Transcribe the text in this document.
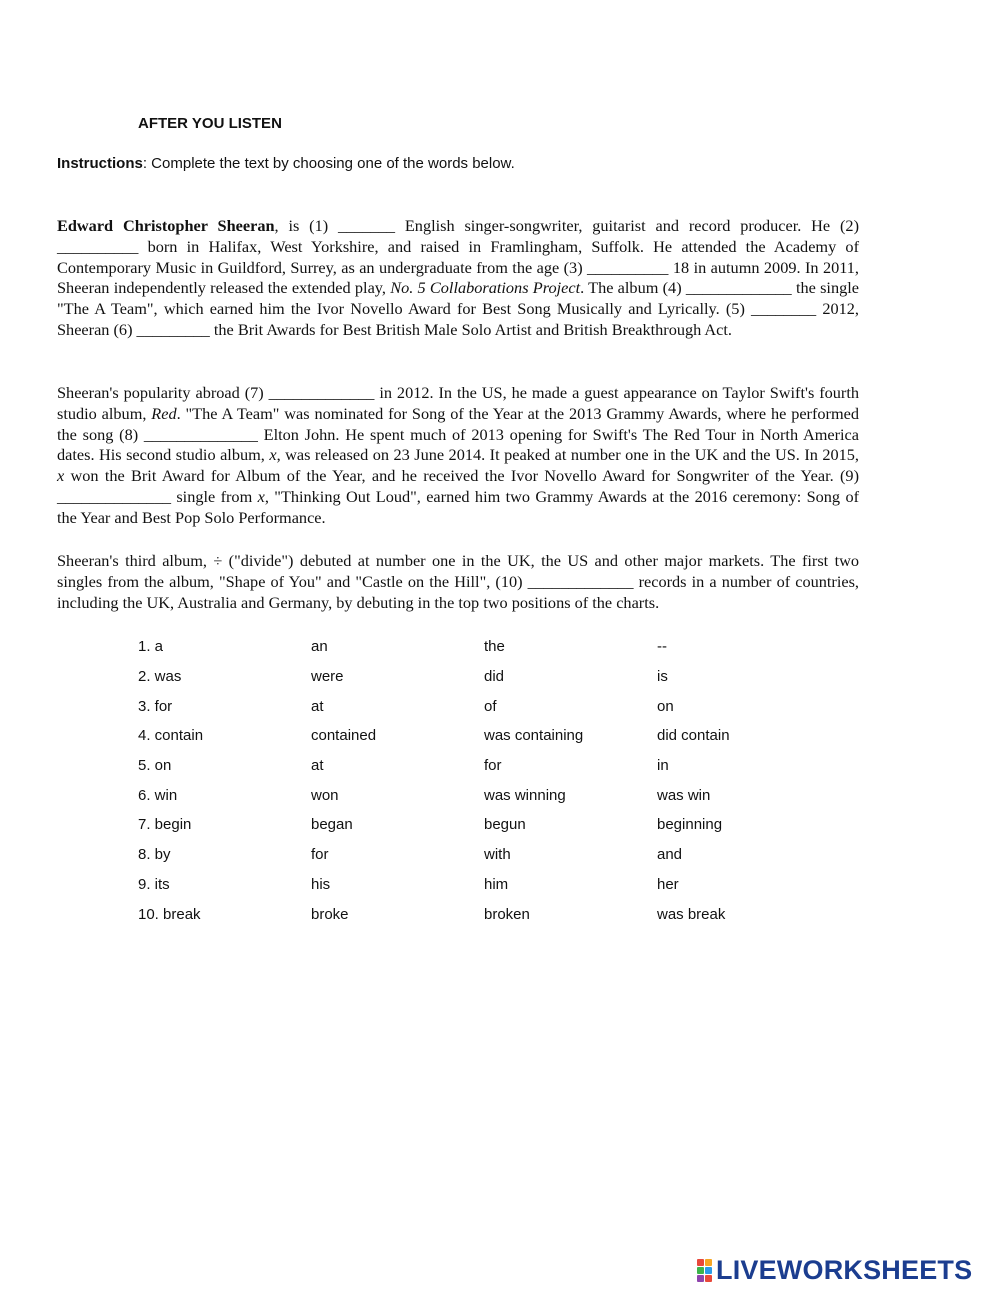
AFTER YOU LISTEN
Instructions: Complete the text by choosing one of the words below.

Edward Christopher Sheeran, is (1) _______ English singer-songwriter, guitarist and record producer. He (2) __________ born in Halifax, West Yorkshire, and raised in Framlingham, Suffolk. He attended the Academy of Contemporary Music in Guildford, Surrey, as an undergraduate from the age (3) __________ 18 in autumn 2009. In 2011, Sheeran independently released the extended play, No. 5 Collaborations Project. The album (4) _____________ the single "The A Team", which earned him the Ivor Novello Award for Best Song Musically and Lyrically. (5) ________ 2012, Sheeran (6) _________ the Brit Awards for Best British Male Solo Artist and British Breakthrough Act.

Sheeran's popularity abroad (7) _____________ in 2012. In the US, he made a guest appearance on Taylor Swift's fourth studio album, Red. "The A Team" was nominated for Song of the Year at the 2013 Grammy Awards, where he performed the song (8) ______________ Elton John. He spent much of 2013 opening for Swift's The Red Tour in North America dates. His second studio album, x, was released on 23 June 2014. It peaked at number one in the UK and the US. In 2015, x won the Brit Award for Album of the Year, and he received the Ivor Novello Award for Songwriter of the Year. (9) ______________ single from x, "Thinking Out Loud", earned him two Grammy Awards at the 2016 ceremony: Song of the Year and Best Pop Solo Performance.

Sheeran's third album, ÷ ("divide") debuted at number one in the UK, the US and other major markets. The first two singles from the album, "Shape of You" and "Castle on the Hill", (10) _____________ records in a number of countries, including the UK, Australia and Germany, by debuting in the top two positions of the charts.

1. a	an	the	--
2. was	were	did	is
3. for	at	of	on
4. contain	contained	was containing	did contain
5. on	at	for	in
6. win	won	was winning	was win
7. begin	began	begun	beginning
8. by	for	with	and
9. its	his	him	her
10. break	broke	broken	was break
LIVEWORKSHEETS
